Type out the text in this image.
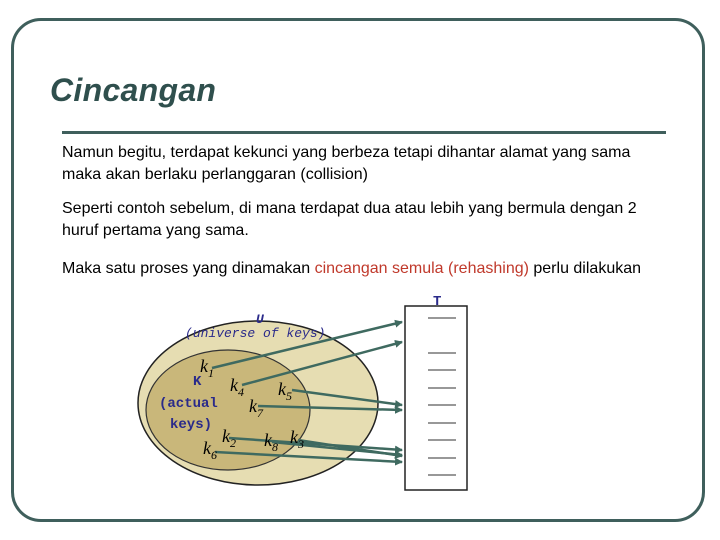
Cincangan
Namun begitu, terdapat kekunci yang berbeza tetapi dihantar alamat yang sama maka akan berlaku perlanggaran (collision)
Seperti contoh sebelum, di mana terdapat dua atau lebih yang bermula dengan 2 huruf pertama yang sama.
Maka satu proses yang dinamakan cincangan semula (rehashing) perlu dilakukan
T
U
(universe of keys)
K
(actual
keys)
$k_1$
$k_4$ $k_5$
$k_7$
$k_2$
$k_6$
$k_8$ $k_3$
